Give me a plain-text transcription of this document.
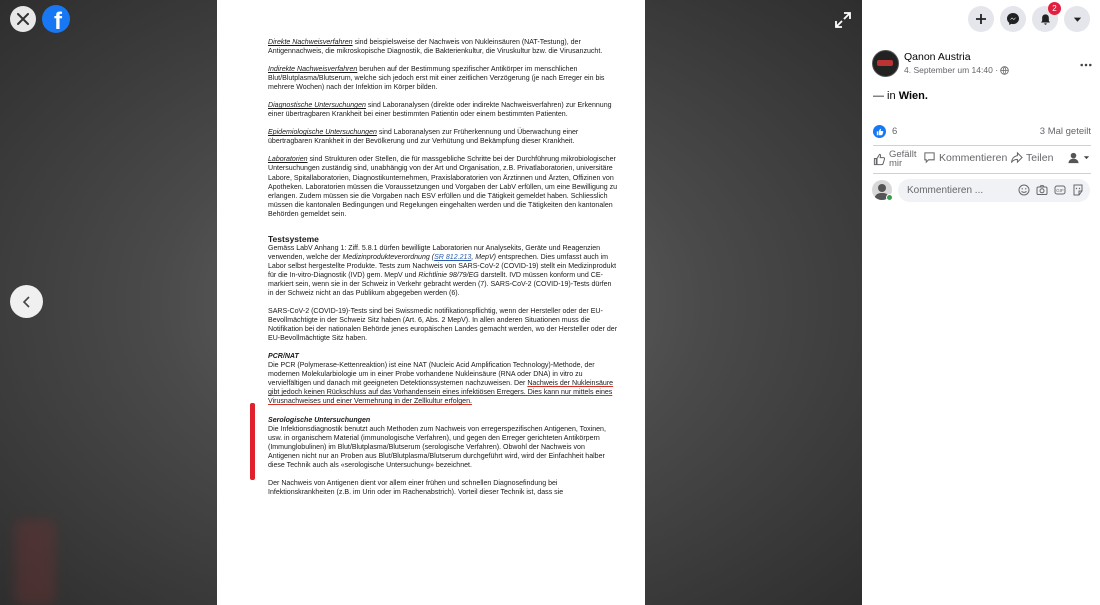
f

Direkte Nachweisverfahren sind beispielsweise der Nachweis von Nukleinsäuren (NAT-Testung), der Antigennachweis, die mikroskopische Diagnostik, die Bakterienkultur, die Viruskultur bzw. die Virusanzucht.

Indirekte Nachweisverfahren beruhen auf der Bestimmung spezifischer Antikörper im menschlichen Blut/Blutplasma/Blutserum, welche sich jedoch erst mit einer zeitlichen Verzögerung (je nach Erreger ein bis mehrere Wochen) nach der Infektion im Körper bilden.

Diagnostische Untersuchungen sind Laboranalysen (direkte oder indirekte Nachweisverfahren) zur Erkennung einer übertragbaren Krankheit bei einer bestimmten Patientin oder einem bestimmten Patienten.

Epidemiologische Untersuchungen sind Laboranalysen zur Früherkennung und Überwachung einer übertragbaren Krankheit in der Bevölkerung und zur Verhütung und Bekämpfung dieser Krankheit.

Laboratorien sind Strukturen oder Stellen, die für massgebliche Schritte bei der Durchführung mikrobiologischer Untersuchungen zuständig sind, unabhängig von der Art und Organisation, z.B. Privatlaboratorien, universitäre Labore, Spitallaboratorien, Diagnostikunternehmen, Praxislaboratorien von Ärztinnen und Ärzten, Offizinen von Apotheken. Laboratorien müssen die Voraussetzungen und Vorgaben der LabV erfüllen, um eine Bewilligung zu erlangen. Zudem müssen sie die Vorgaben nach ESV erfüllen und die Tätigkeit gemeldet haben. Schliesslich müssen die kantonalen Bedingungen und Regelungen eingehalten werden und die Tätigkeiten den kantonalen Behörden gemeldet sein.

Testsysteme

Gemäss LabV Anhang 1: Ziff. 5.8.1 dürfen bewilligte Laboratorien nur Analysekits, Geräte und Reagenzien verwenden, welche der Medizinprodukteverordnung (SR 812.213, MepV) entsprechen. Dies umfasst auch im Labor selbst hergestellte Produkte. Tests zum Nachweis von SARS-CoV-2 (COVID-19) stellt ein Medizinprodukt für die In-vitro-Diagnostik (IVD) gem. MepV und Richtlinie 98/79/EG darstellt. IVD müssen konform und CE-markiert sein, wenn sie in der Schweiz in Verkehr gebracht werden (7). SARS-CoV-2 (COVID-19)-Tests dürfen in der Schweiz nicht an das Publikum abgegeben werden (6).

SARS-CoV-2 (COVID-19)-Tests sind bei Swissmedic notifikationspflichtig, wenn der Hersteller oder der EU-Bevollmächtigte in der Schweiz Sitz haben (Art. 6, Abs. 2 MepV). In allen anderen Situationen muss die Notifikation bei der nationalen Behörde jenes europäischen Landes gemacht werden, wo der Hersteller oder der EU-Bevollmächtigte Sitz haben.

PCR/NAT
Die PCR (Polymerase-Kettenreaktion) ist eine NAT (Nucleic Acid Amplification Technology)-Methode, der modernen Molekularbiologie um in einer Probe vorhandene Nukleinsäure (RNA oder DNA) in vitro zu vervielfältigen und danach mit geeigneten Detektionssystemen nachzuweisen. Der Nachweis der Nukleinsäure gibt jedoch keinen Rückschluss auf das Vorhandensein eines infektiösen Erregers. Dies kann nur mittels eines Virusnachweises und einer Vermehrung in der Zellkultur erfolgen.

Serologische Untersuchungen
Die Infektionsdiagnostik benutzt auch Methoden zum Nachweis von erregerspezifischen Antigenen, Toxinen, usw. in organischem Material (immunologische Verfahren), und gegen den Erreger gerichteten Antikörpern (Immunglobulinen) im Blut/Blutplasma/Blutserum (serologische Verfahren). Obwohl der Nachweis von Antigenen nicht nur an Proben aus Blut/Blutplasma/Blutserum durchgeführt wird, wird der Einfachheit halber diese Technik auch als «serologische Untersuchung» bezeichnet.

Der Nachweis von Antigenen dient vor allem einer frühen und schnellen Diagnosefindung bei Infektionskrankheiten (z.B. im Urin oder im Rachenabstrich). Vorteil dieser Technik ist, dass sie

2
Qanon Austria
4. September um 14:40 ·
— in Wien.
6	3 Mal geteilt
Gefällt mir	Kommentieren Teilen
Kommentieren ...	GIF
